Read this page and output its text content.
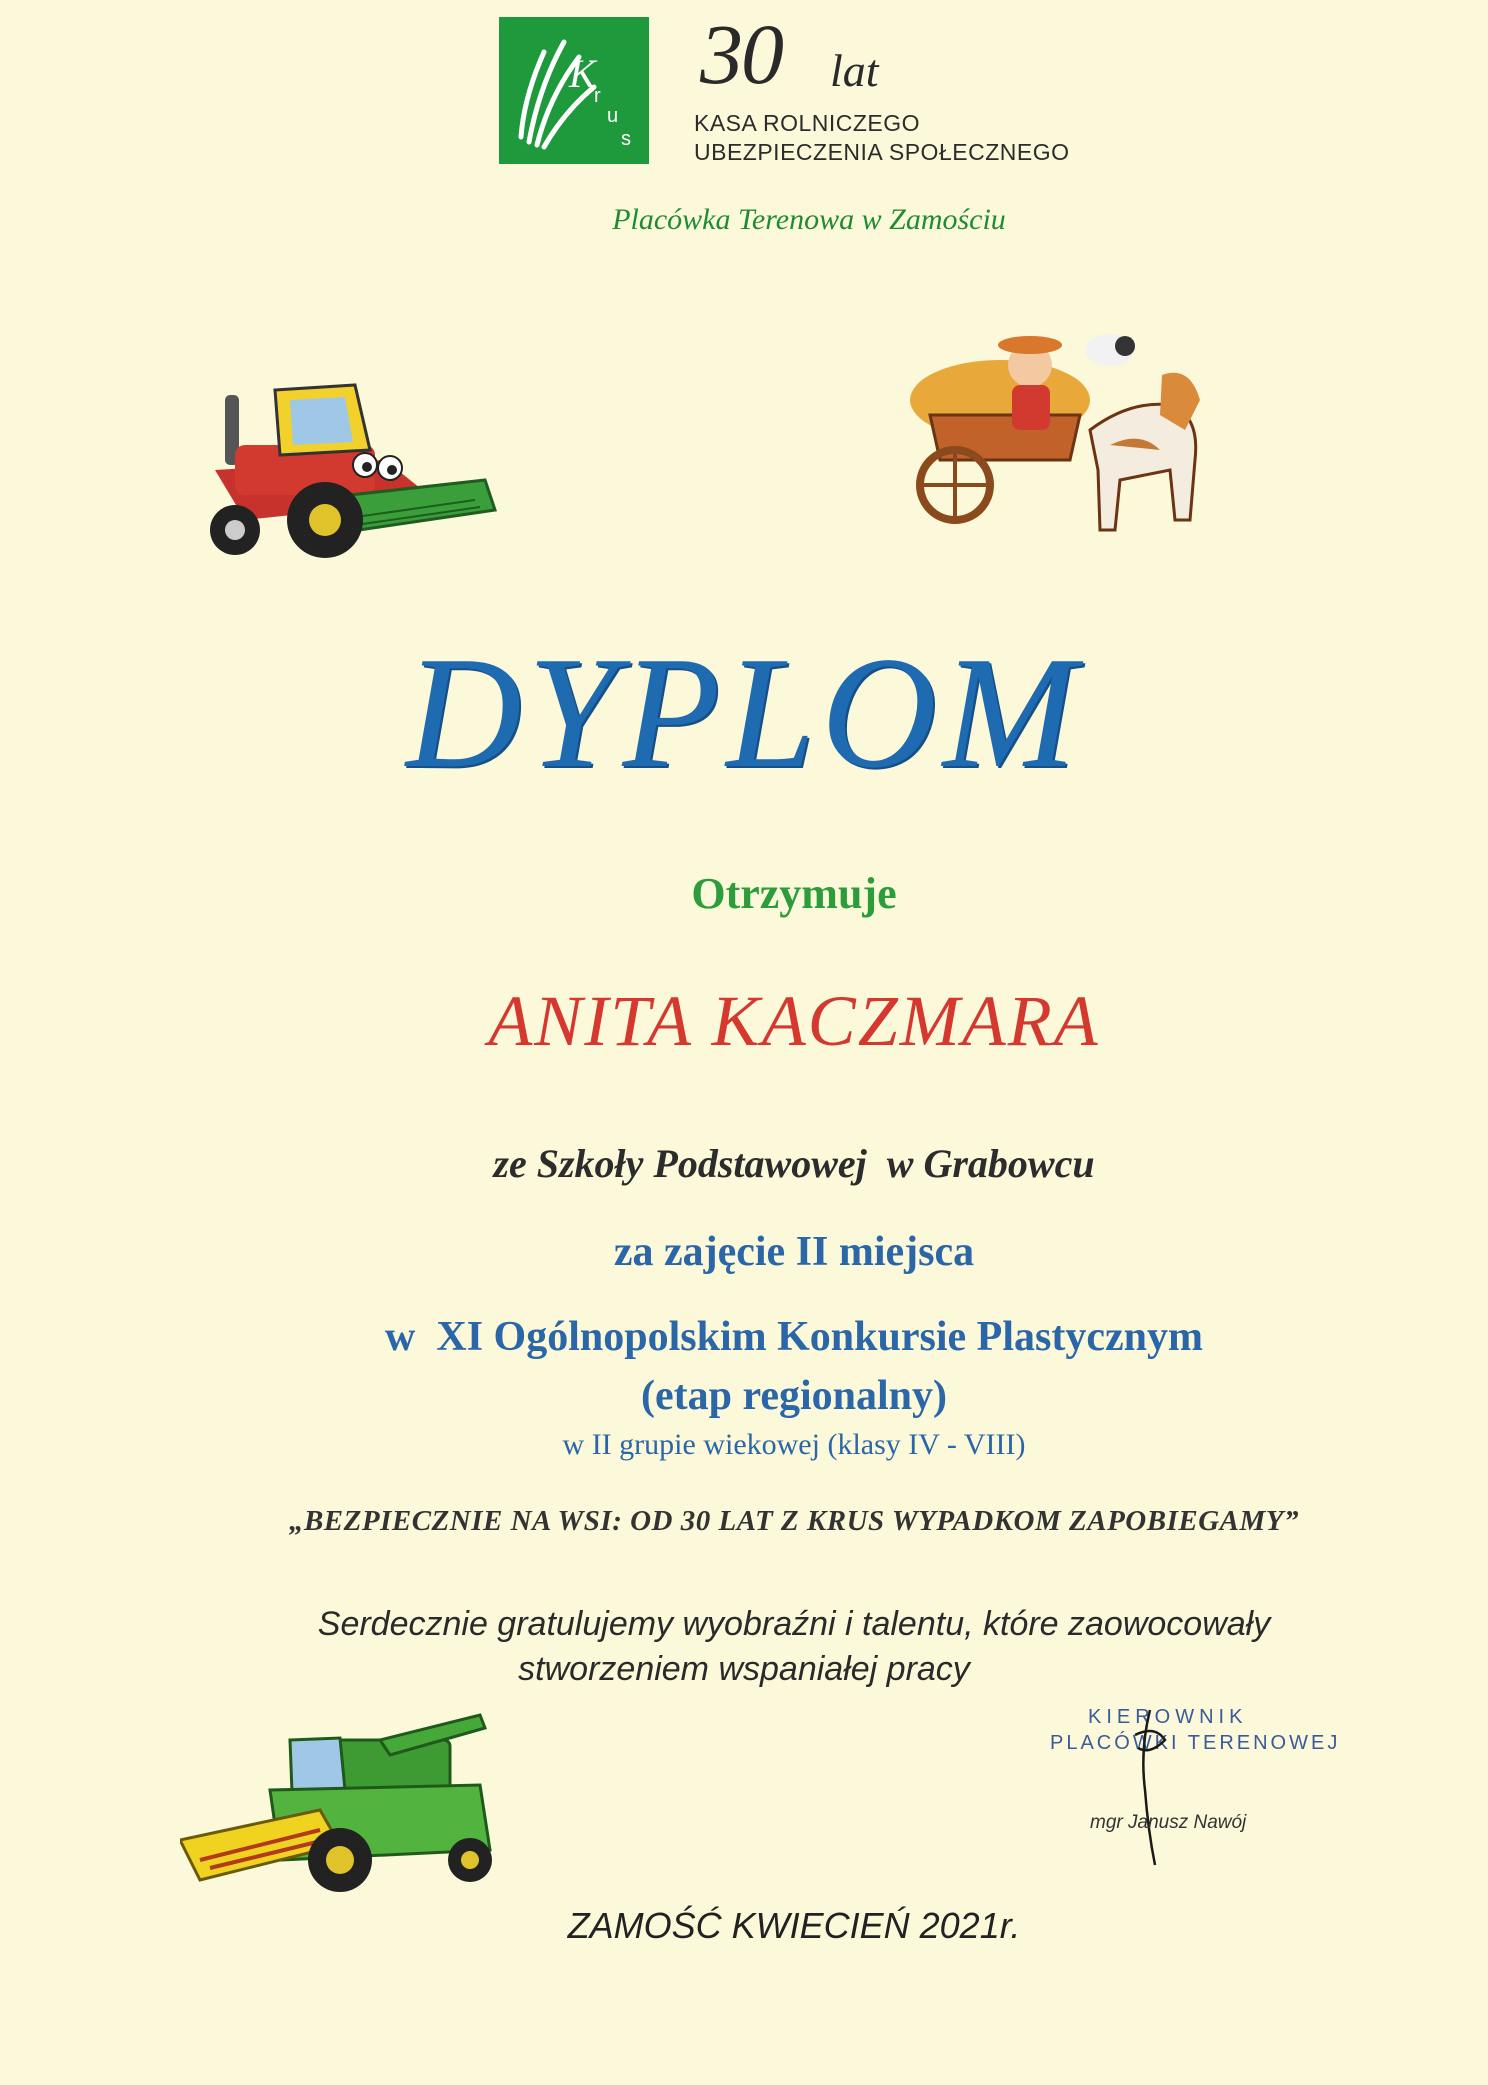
K
r
u
s
30 lat
KASA ROLNICZEGO
UBEZPIECZENIA SPOŁECZNEGO
Placówka Terenowa w Zamościu
DYPLOM
Otrzymuje
ANITA KACZMARA
ze Szkoły Podstawowej  w Grabowcu
za zajęcie II miejsca
w  XI Ogólnopolskim Konkursie Plastycznym
(etap regionalny)
w II grupie wiekowej (klasy IV - VIII)
„BEZPIECZNIE NA WSI: OD 30 LAT Z KRUS WYPADKOM ZAPOBIEGAMY”
Serdecznie gratulujemy wyobraźni i talentu, które zaowocowały
stworzeniem wspaniałej pracy
KIEROWNIK
PLACÓWKI TERENOWEJ
mgr Janusz Nawój
ZAMOŚĆ KWIECIEŃ 2021r.
